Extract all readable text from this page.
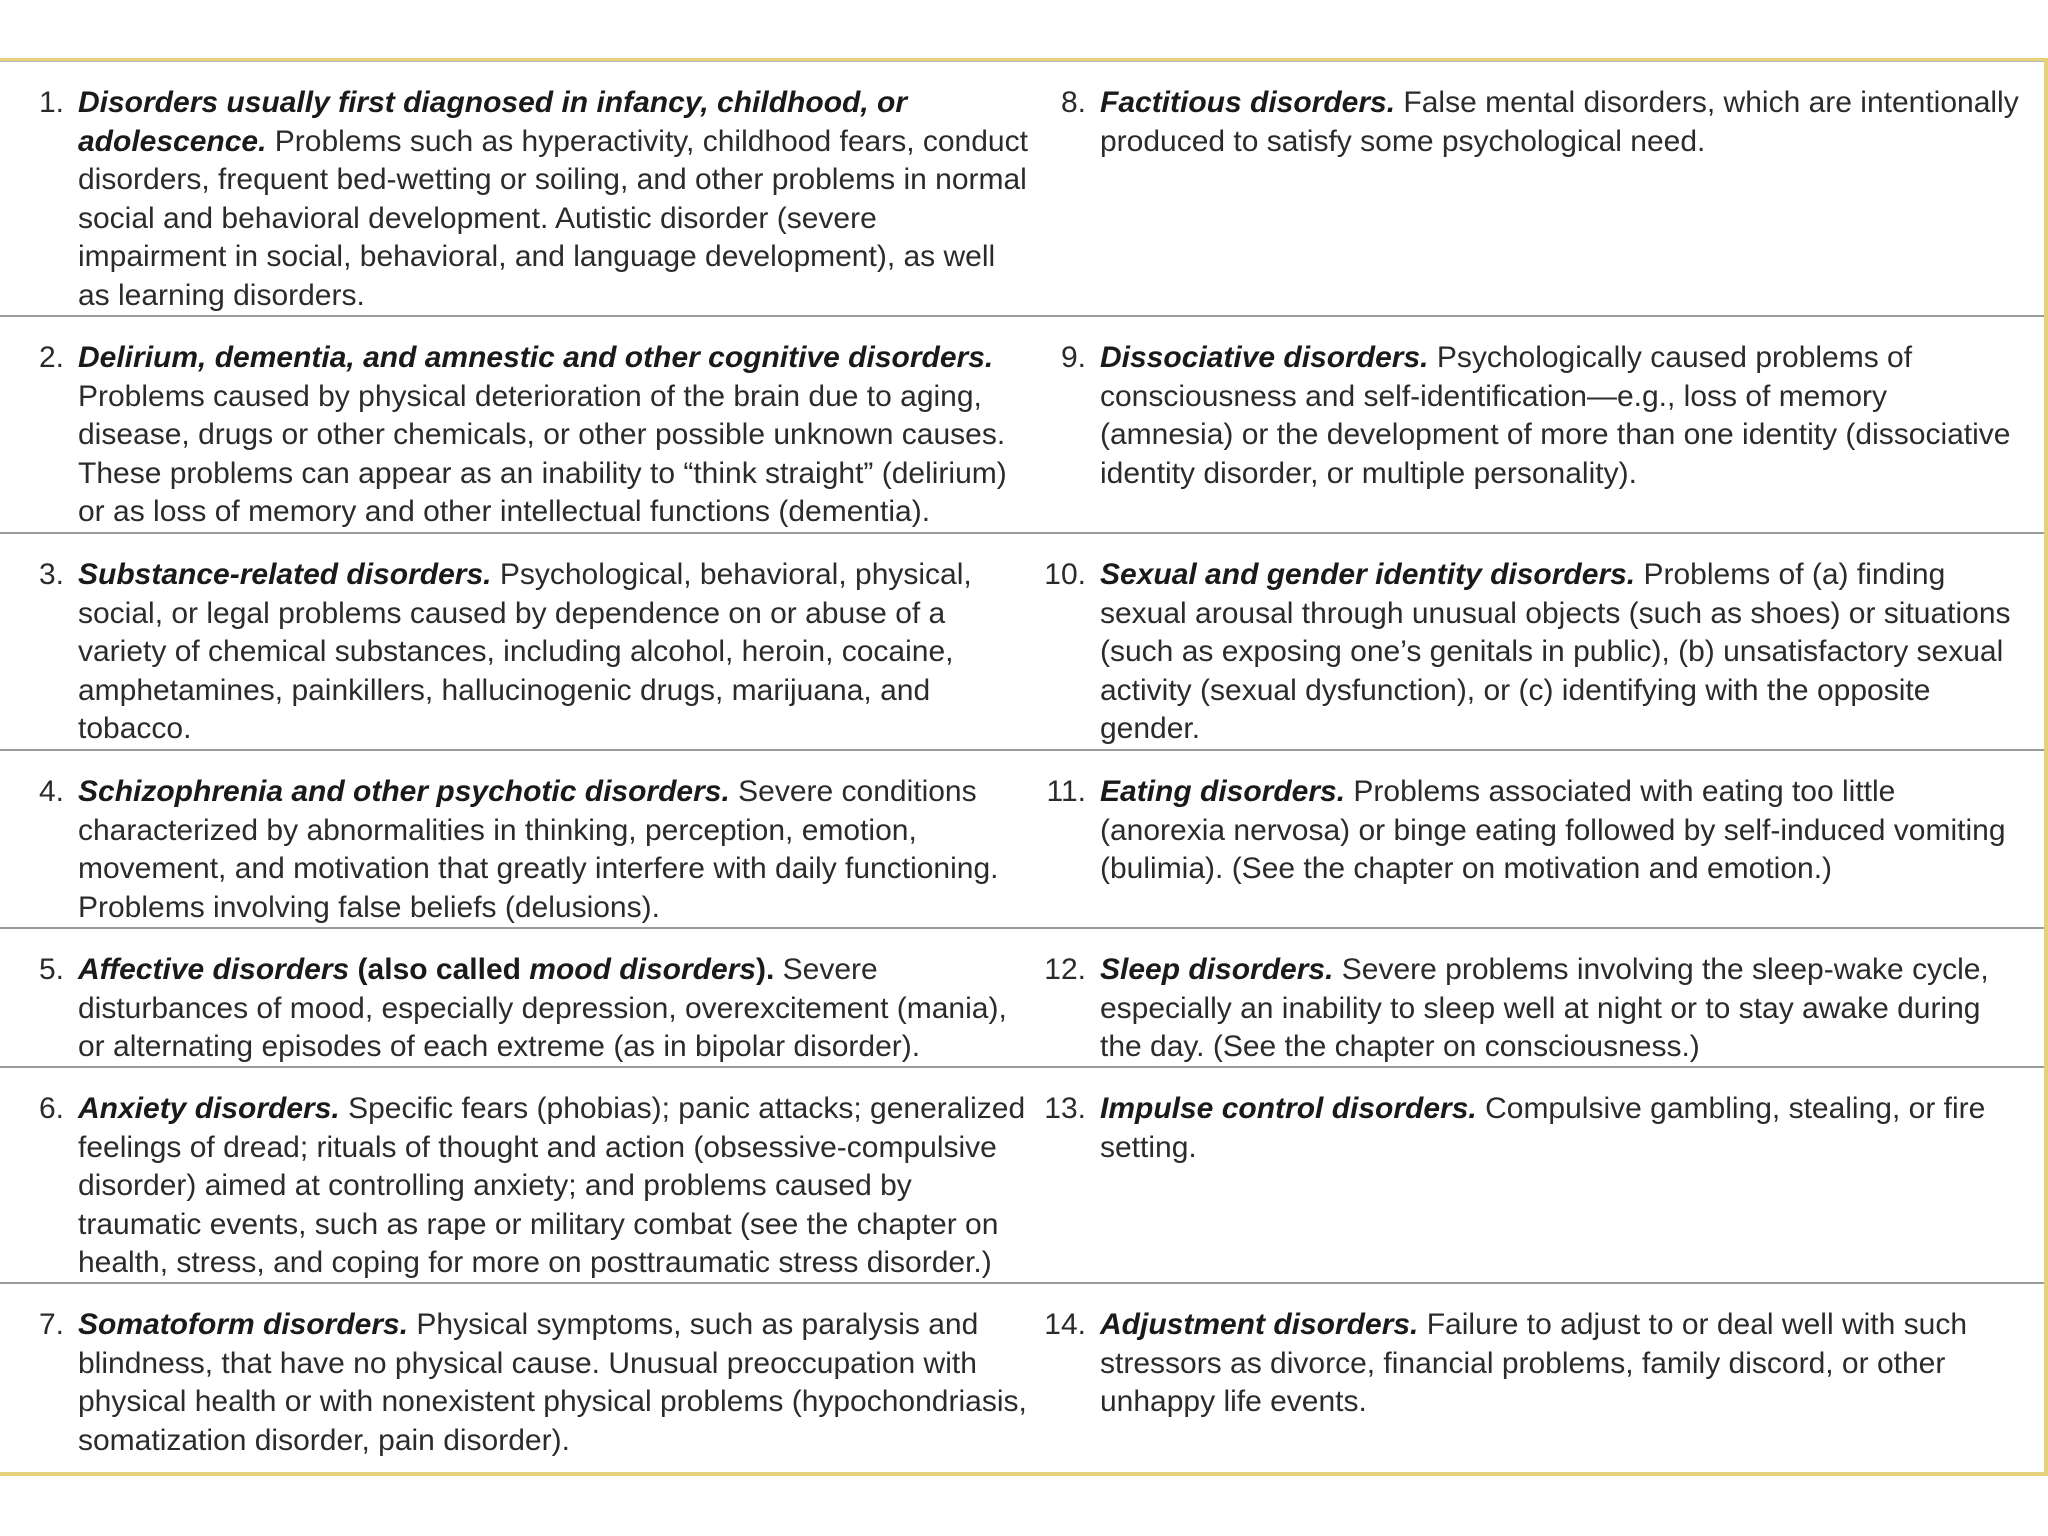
1. Disorders usually first diagnosed in infancy, childhood, or adolescence. Problems such as hyperactivity, childhood fears, conduct disorders, frequent bed-wetting or soiling, and other problems in normal social and behavioral development. Autistic disorder (severe impairment in social, behavioral, and language development), as well as learning disorders.
8. Factitious disorders. False mental disorders, which are intentionally produced to satisfy some psychological need.
2. Delirium, dementia, and amnestic and other cognitive disorders. Problems caused by physical deterioration of the brain due to aging, disease, drugs or other chemicals, or other possible unknown causes. These problems can appear as an inability to “think straight” (delirium) or as loss of memory and other intellectual functions (dementia).
9. Dissociative disorders. Psychologically caused problems of consciousness and self-identification—e.g., loss of memory (amnesia) or the development of more than one identity (dissociative identity disorder, or multiple personality).
3. Substance-related disorders. Psychological, behavioral, physical, social, or legal problems caused by dependence on or abuse of a variety of chemical substances, including alcohol, heroin, cocaine, amphetamines, painkillers, hallucinogenic drugs, marijuana, and tobacco.
10. Sexual and gender identity disorders. Problems of (a) finding sexual arousal through unusual objects (such as shoes) or situations (such as exposing one’s genitals in public), (b) unsatisfactory sexual activity (sexual dysfunction), or (c) identifying with the opposite gender.
4. Schizophrenia and other psychotic disorders. Severe conditions characterized by abnormalities in thinking, perception, emotion, movement, and motivation that greatly interfere with daily functioning. Problems involving false beliefs (delusions).
11. Eating disorders. Problems associated with eating too little (anorexia nervosa) or binge eating followed by self-induced vomiting (bulimia). (See the chapter on motivation and emotion.)
5. Affective disorders (also called mood disorders). Severe disturbances of mood, especially depression, overexcitement (mania), or alternating episodes of each extreme (as in bipolar disorder).
12. Sleep disorders. Severe problems involving the sleep-wake cycle, especially an inability to sleep well at night or to stay awake during the day. (See the chapter on consciousness.)
6. Anxiety disorders. Specific fears (phobias); panic attacks; generalized feelings of dread; rituals of thought and action (obsessive-compulsive disorder) aimed at controlling anxiety; and problems caused by traumatic events, such as rape or military combat (see the chapter on health, stress, and coping for more on posttraumatic stress disorder.)
13. Impulse control disorders. Compulsive gambling, stealing, or fire setting.
7. Somatoform disorders. Physical symptoms, such as paralysis and blindness, that have no physical cause. Unusual preoccupation with physical health or with nonexistent physical problems (hypochondriasis, somatization disorder, pain disorder).
14. Adjustment disorders. Failure to adjust to or deal well with such stressors as divorce, financial problems, family discord, or other unhappy life events.
